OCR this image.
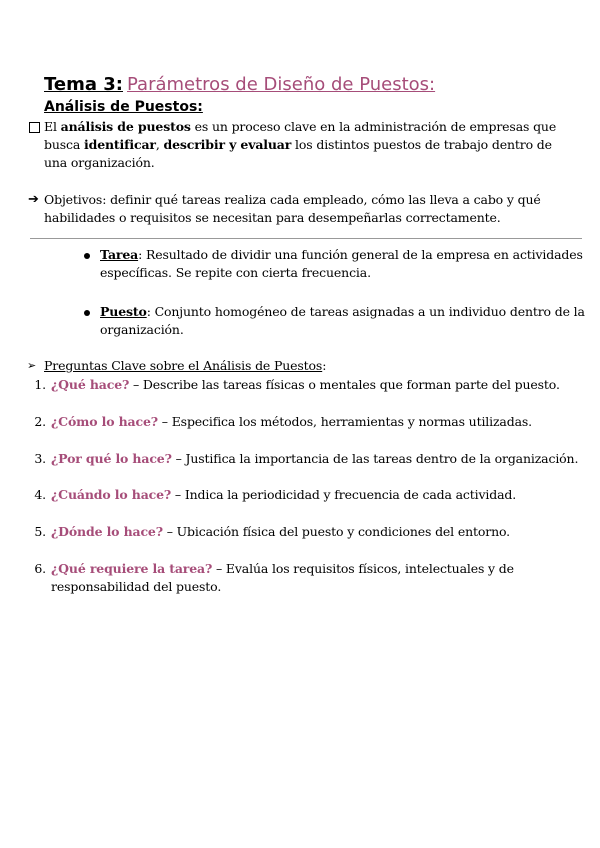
Tema 3: Parámetros de Diseño de Puestos:
Análisis de Puestos:
El análisis de puestos es un proceso clave en la administración de empresas que busca identificar, describir y evaluar los distintos puestos de trabajo dentro de una organización.
➔ Objetivos: definir qué tareas realiza cada empleado, cómo las lleva a cabo y qué habilidades o requisitos se necesitan para desempeñarlas correctamente.
Tarea: Resultado de dividir una función general de la empresa en actividades específicas. Se repite con cierta frecuencia.
Puesto: Conjunto homogéneo de tareas asignadas a un individuo dentro de la organización.
➢ Preguntas Clave sobre el Análisis de Puestos:
1. ¿Qué hace? – Describe las tareas físicas o mentales que forman parte del puesto.
2. ¿Cómo lo hace? – Especifica los métodos, herramientas y normas utilizadas.
3. ¿Por qué lo hace? – Justifica la importancia de las tareas dentro de la organización.
4. ¿Cuándo lo hace? – Indica la periodicidad y frecuencia de cada actividad.
5. ¿Dónde lo hace? – Ubicación física del puesto y condiciones del entorno.
6. ¿Qué requiere la tarea? – Evalúa los requisitos físicos, intelectuales y de responsabilidad del puesto.
